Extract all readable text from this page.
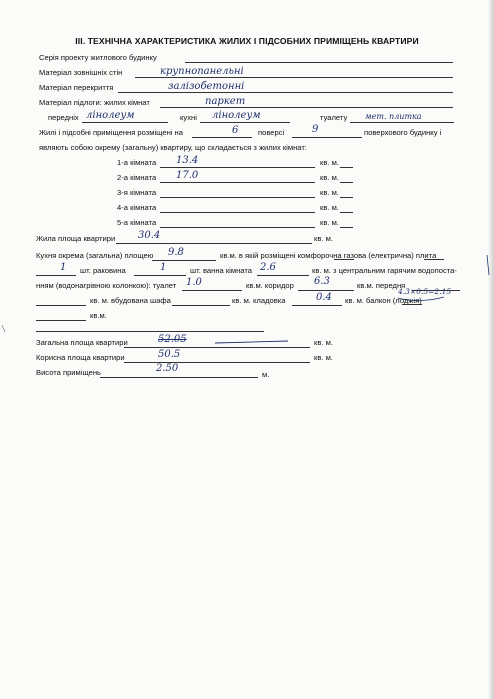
III. ТЕХНІЧНА ХАРАКТЕРИСТИКА ЖИЛИХ І ПІДСОБНИХ ПРИМІЩЕНЬ КВАРТИРИ
Серія проекту житлового будинку
Матеріал зовнішніх стін	крупнопанельні
Матеріал перекриття	залізобетонні
Матеріал підлоги: жилих кімнат	паркет
передніх лінолеум	кухні лінолеум	туалету мет. плитка
Жилі і підсобні приміщення розміщені на	6	поверсі	9	поверхового будинку і
являють собою окрему (загальну) квартиру, що складається з жилих кімнат:
1-а кімната 13.4	кв. м.
2-а кімната 17.0	кв. м.
3-я кімната	кв. м.
4-а кімната	кв. м.
5-а кімната	кв. м.
Жила площа квартири 30.4	кв. м.
Кухня окрема (загальна) площею 9.8	кв.м. в якій розміщені комфорочна газова (електрична) плита
1 шт. раковина	1	шт. ванна кімната 2.6	кв. м. з центральним гарячим водопоста-
нням (водонагрівною колонкою): туалет 1.0	кв.м. коридор 6.3	кв.м. передня
4.3×0.5=2.15
кв. м. вбудована шафа	кв. м. кладовка	0.4 кв. м. балкон (лоджія)
кв.м.
Загальна площа квартири	52.05	кв. м.
Корисна площа квартири	50.5	кв. м.
Висота приміщень	2.50
м.
